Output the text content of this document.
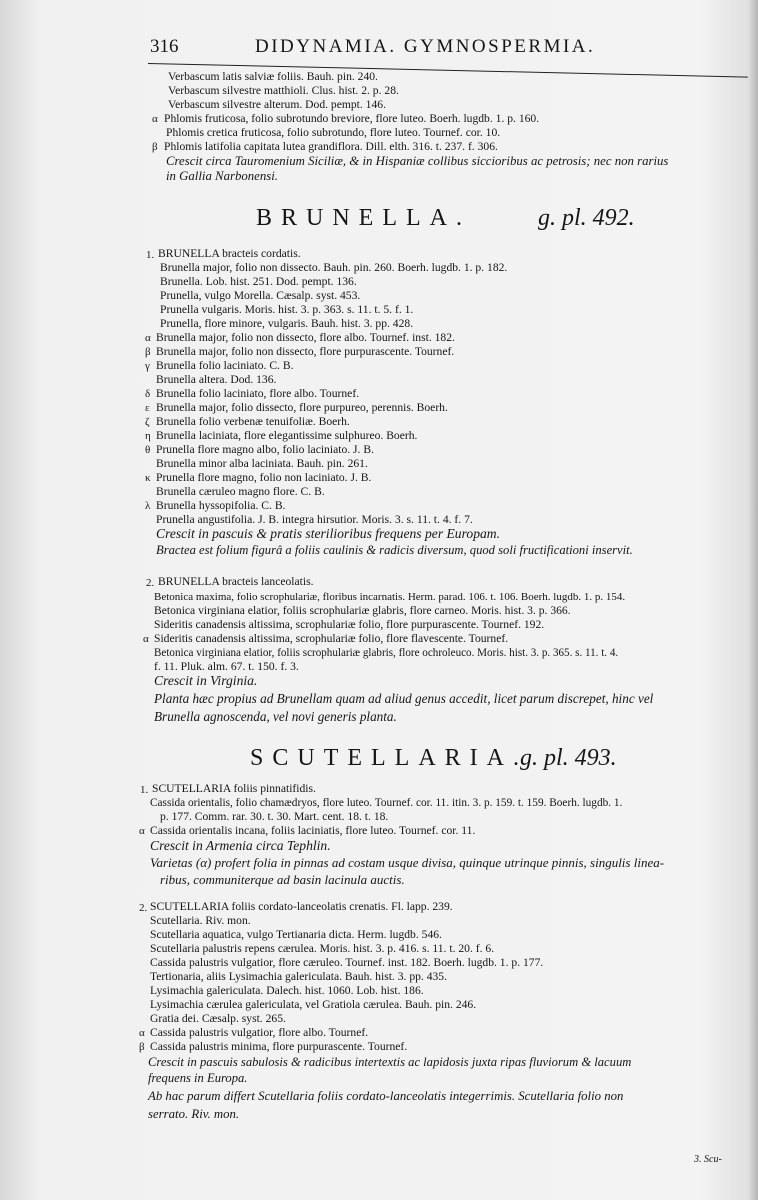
316	DIDYNAMIA. GYMNOSPERMIA.
α
β
Verbascum latis salviæ foliis. Bauh. pin. 240.
Verbascum silvestre matthioli. Clus. hist. 2. p. 28.
Verbascum silvestre alterum. Dod. pempt. 146.
Phlomis fruticosa, folio subrotundo breviore, flore luteo. Boerh. lugdb. 1. p. 160.
Phlomis cretica fruticosa, folio subrotundo, flore luteo. Tournef. cor. 10.
Phlomis latifolia capitata lutea grandiflora. Dill. elth. 316. t. 237. f. 306.
Crescit circa Tauromenium Siciliæ, & in Hispaniæ collibus siccioribus ac petrosis; nec non rarius
in Gallia Narbonensi.
BRUNELLA.	g. pl. 492.
1. BRUNELLA bracteis cordatis.
Brunella major, folio non dissecto. Bauh. pin. 260. Boerh. lugdb. 1. p. 182.
Brunella. Lob. hist. 251. Dod. pempt. 136.
Prunella, vulgo Morella. Cæsalp. syst. 453.
Prunella vulgaris. Moris. hist. 3. p. 363. s. 11. t. 5. f. 1.
Prunella, flore minore, vulgaris. Bauh. hist. 3. pp. 428.
α Brunella major, folio non dissecto, flore albo. Tournef. inst. 182.
β Brunella major, folio non dissecto, flore purpurascente. Tournef.
γ Brunella folio laciniato. C. B.
Brunella altera. Dod. 136.
δ Brunella folio laciniato, flore albo. Tournef.
ε Brunella major, folio dissecto, flore purpureo, perennis. Boerh.
ζ Brunella folio verbenæ tenuifoliæ. Boerh.
η Brunella laciniata, flore elegantissime sulphureo. Boerh.
θ Prunella flore magno albo, folio laciniato. J. B.
Brunella minor alba laciniata. Bauh. pin. 261.
κ Prunella flore magno, folio non laciniato. J. B.
Brunella cæruleo magno flore. C. B.
λ Brunella hyssopifolia. C. B.
Prunella angustifolia. J. B. integra hirsutior. Moris. 3. s. 11. t. 4. f. 7.
Crescit in pascuis & pratis sterilioribus frequens per Europam.
Bractea est folium figurâ a foliis caulinis & radicis diversum, quod soli fructificationi inservit.
2. BRUNELLA bracteis lanceolatis.
Betonica maxima, folio scrophulariæ, floribus incarnatis. Herm. parad. 106. t. 106. Boerh. lugdb. 1. p. 154.
Betonica virginiana elatior, foliis scrophulariæ glabris, flore carneo. Moris. hist. 3. p. 366.
Sideritis canadensis altissima, scrophulariæ folio, flore purpurascente. Tournef. 192.
α Sideritis canadensis altissima, scrophulariæ folio, flore flavescente. Tournef.
Betonica virginiana elatior, foliis scrophulariæ glabris, flore ochroleuco. Moris. hist. 3. p. 365. s. 11. t. 4.
f. 11. Pluk. alm. 67. t. 150. f. 3.
Crescit in Virginia.
Planta hæc propius ad Brunellam quam ad aliud genus accedit, licet parum discrepet, hinc vel
Brunella agnoscenda, vel novi generis planta.
SCUTELLARIA.
g. pl. 493.
1. SCUTELLARIA foliis pinnatifidis.
Cassida orientalis, folio chamædryos, flore luteo. Tournef. cor. 11. itin. 3. p. 159. t. 159. Boerh. lugdb. 1.
p. 177. Comm. rar. 30. t. 30. Mart. cent. 18. t. 18.
α Cassida orientalis incana, foliis laciniatis, flore luteo. Tournef. cor. 11.
Crescit in Armenia circa Tephlin.
Varietas (α) profert folia in pinnas ad costam usque divisa, quinque utrinque pinnis, singulis linea-
ribus, communiterque ad basin lacinula auctis.
2. SCUTELLARIA foliis cordato-lanceolatis crenatis. Fl. lapp. 239.
Scutellaria. Riv. mon.
Scutellaria aquatica, vulgo Tertianaria dicta. Herm. lugdb. 546.
Scutellaria palustris repens cærulea. Moris. hist. 3. p. 416. s. 11. t. 20. f. 6.
Cassida palustris vulgatior, flore cæruleo. Tournef. inst. 182. Boerh. lugdb. 1. p. 177.
Tertionaria, aliis Lysimachia galericulata. Bauh. hist. 3. pp. 435.
Lysimachia galericulata. Dalech. hist. 1060. Lob. hist. 186.
Lysimachia cærulea galericulata, vel Gratiola cærulea. Bauh. pin. 246.
Gratia dei. Cæsalp. syst. 265.
α Cassida palustris vulgatior, flore albo. Tournef.
β Cassida palustris minima, flore purpurascente. Tournef.
Crescit in pascuis sabulosis & radicibus intertextis ac lapidosis juxta ripas fluviorum & lacuum
frequens in Europa.
Ab hac parum differt Scutellaria foliis cordato-lanceolatis integerrimis. Scutellaria folio non
serrato. Riv. mon.
3. Scu-
